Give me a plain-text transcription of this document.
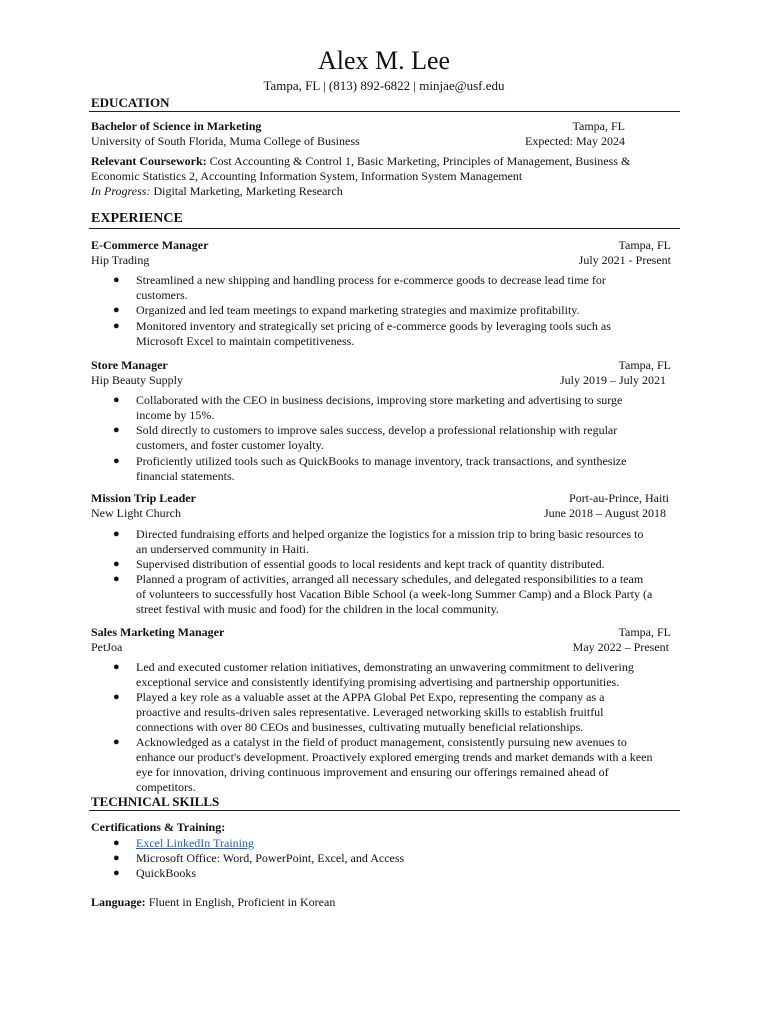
Alex M. Lee
Tampa, FL | (813) 892-6822 | minjae@usf.edu
EDUCATION
Bachelor of Science in Marketing	Tampa, FL
University of South Florida, Muma College of Business	Expected: May 2024
Relevant Coursework: Cost Accounting & Control 1, Basic Marketing, Principles of Management, Business &
Economic Statistics 2, Accounting Information System, Information System Management
In Progress: Digital Marketing, Marketing Research
EXPERIENCE
E-Commerce Manager	Tampa, FL
Hip Trading	July 2021 - Present
● Streamlined a new shipping and handling process for e-commerce goods to decrease lead time for
customers.
● Organized and led team meetings to expand marketing strategies and maximize profitability.
● Monitored inventory and strategically set pricing of e-commerce goods by leveraging tools such as
Microsoft Excel to maintain competitiveness.
Store Manager	Tampa, FL
Hip Beauty Supply	July 2019 – July 2021
● Collaborated with the CEO in business decisions, improving store marketing and advertising to surge
income by 15%.
● Sold directly to customers to improve sales success, develop a professional relationship with regular
customers, and foster customer loyalty.
● Proficiently utilized tools such as QuickBooks to manage inventory, track transactions, and synthesize
financial statements.
Mission Trip Leader	Port-au-Prince, Haiti
New Light Church	June 2018 – August 2018
● Directed fundraising efforts and helped organize the logistics for a mission trip to bring basic resources to
an underserved community in Haiti.
● Supervised distribution of essential goods to local residents and kept track of quantity distributed.
● Planned a program of activities, arranged all necessary schedules, and delegated responsibilities to a team
of volunteers to successfully host Vacation Bible School (a week-long Summer Camp) and a Block Party (a
street festival with music and food) for the children in the local community.
Sales Marketing Manager	Tampa, FL
PetJoa	May 2022 – Present
● Led and executed customer relation initiatives, demonstrating an unwavering commitment to delivering
exceptional service and consistently identifying promising advertising and partnership opportunities.
● Played a key role as a valuable asset at the APPA Global Pet Expo, representing the company as a
proactive and results-driven sales representative. Leveraged networking skills to establish fruitful
connections with over 80 CEOs and businesses, cultivating mutually beneficial relationships.
● Acknowledged as a catalyst in the field of product management, consistently pursuing new avenues to
enhance our product's development. Proactively explored emerging trends and market demands with a keen
eye for innovation, driving continuous improvement and ensuring our offerings remained ahead of
competitors.
TECHNICAL SKILLS
Certifications & Training:
● Excel LinkedIn Training
● Microsoft Office: Word, PowerPoint, Excel, and Access
● QuickBooks
Language: Fluent in English, Proficient in Korean
